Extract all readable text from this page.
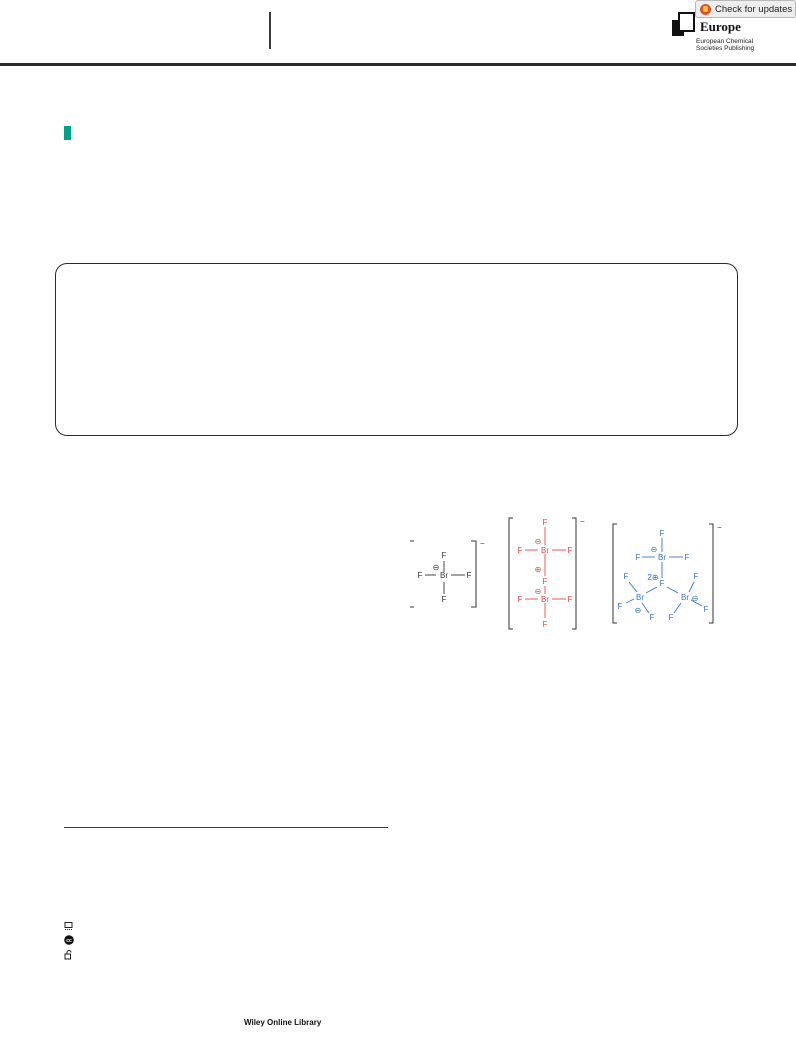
Europe
European Chemical
Societies Publishing
Check for updates
−
Br
F
F
F	F
⊖
−
F
Br
F	F
⊖
⊕
F
⊖
Br
F	F
F
−
F
⊖
Br
F	F
2⊕
F
F
Br
F ⊖
F
F
Br ⊖
F
F
cc
Wiley Online Library
